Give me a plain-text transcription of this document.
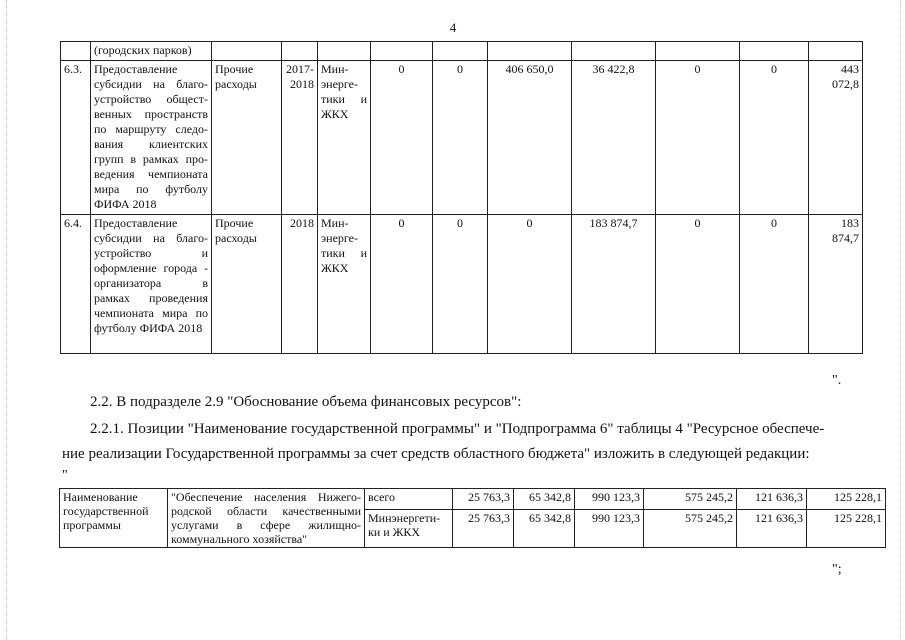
4
	(городских парков)										
6.3.	Предоставление субсидии на благо-устройство общест-венных пространств по маршруту следо-вания клиентских групп в рамках про-ведения чемпионата мира по футболу ФИФА 2018	Прочие расходы	2017-2018	Мин-энерге-тики и ЖКХ	0	0	406 650,0	36 422,8	0	0	443 072,8
6.4.	Предоставление субсидии на благо-устройство и оформление города - организатора в рамках проведения чемпионата мира по футболу ФИФА 2018	Прочие расходы	2018	Мин-энерге-тики и ЖКХ	0	0	0	183 874,7	0	0	183 874,7
".
2.2. В подразделе 2.9 "Обоснование объема финансовых ресурсов":
2.2.1. Позиции "Наименование государственной программы" и "Подпрограмма 6" таблицы 4 "Ресурсное обеспече-
ние реализации Государственной программы за счет средств областного бюджета" изложить в следующей редакции:
"
Наименование государственной программы	"Обеспечение населения Нижего-родской области качественными услугами в сфере жилищно-коммунального хозяйства"	всего	25 763,3	65 342,8	990 123,3	575 245,2	121 636,3	125 228,1
		Минэнергети-ки и ЖКХ	25 763,3	65 342,8	990 123,3	575 245,2	121 636,3	125 228,1
";
